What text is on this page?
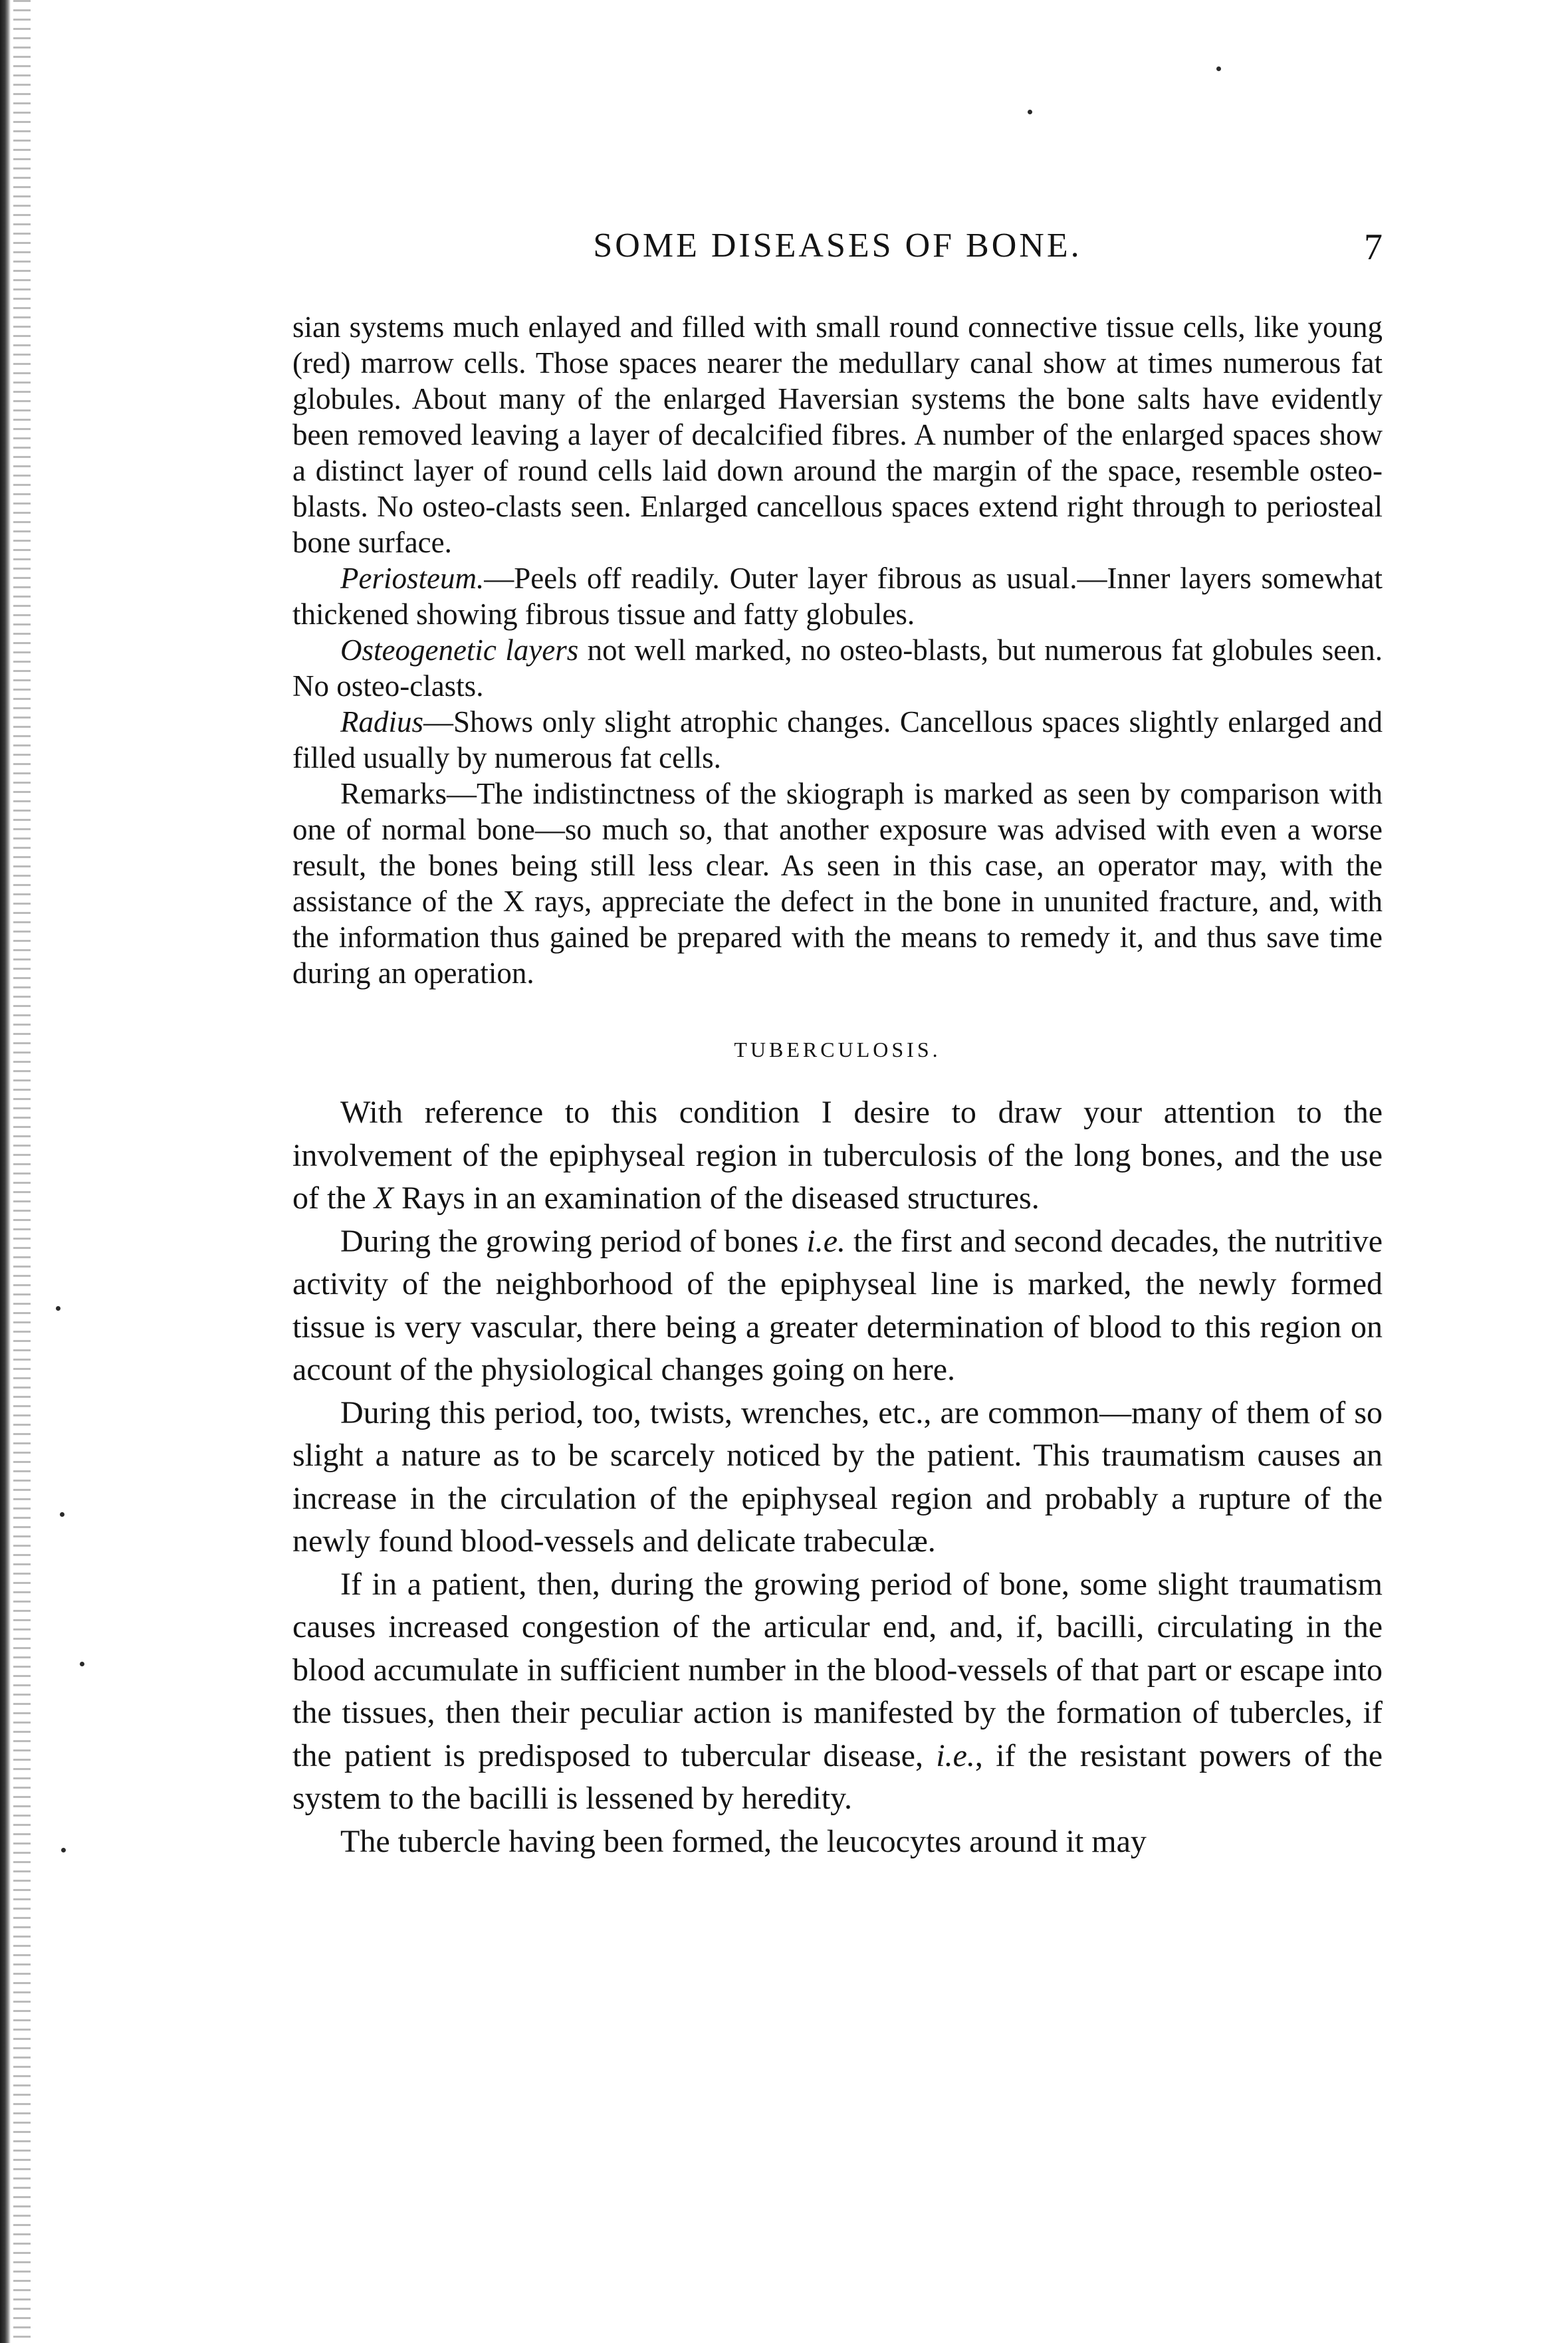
SOME DISEASES OF BONE.	7

sian systems much enlayed and filled with small round connective tissue cells, like young (red) marrow cells. Those spaces nearer the medullary canal show at times numerous fat globules. About many of the enlarged Haversian systems the bone salts have evidently been removed leaving a layer of decalcified fibres. A number of the enlarged spaces show a distinct layer of round cells laid down around the margin of the space, resemble osteo-blasts. No osteo-clasts seen. Enlarged cancellous spaces extend right through to periosteal bone surface.

Periosteum.—Peels off readily. Outer layer fibrous as usual.—Inner layers somewhat thickened showing fibrous tissue and fatty globules.

Osteogenetic layers not well marked, no osteo-blasts, but numerous fat globules seen. No osteo-clasts.

Radius—Shows only slight atrophic changes. Cancellous spaces slightly enlarged and filled usually by numerous fat cells.

Remarks—The indistinctness of the skiograph is marked as seen by comparison with one of normal bone—so much so, that another exposure was advised with even a worse result, the bones being still less clear. As seen in this case, an operator may, with the assistance of the X rays, appreciate the defect in the bone in ununited fracture, and, with the information thus gained be prepared with the means to remedy it, and thus save time during an operation.

TUBERCULOSIS.

With reference to this condition I desire to draw your attention to the involvement of the epiphyseal region in tuberculosis of the long bones, and the use of the X Rays in an examination of the diseased structures.

During the growing period of bones i.e. the first and second decades, the nutritive activity of the neighborhood of the epiphyseal line is marked, the newly formed tissue is very vascular, there being a greater determination of blood to this region on account of the physiological changes going on here.

During this period, too, twists, wrenches, etc., are common—many of them of so slight a nature as to be scarcely noticed by the patient. This traumatism causes an increase in the circulation of the epiphyseal region and probably a rupture of the newly found blood-vessels and delicate trabeculæ.

If in a patient, then, during the growing period of bone, some slight traumatism causes increased congestion of the articular end, and, if, bacilli, circulating in the blood accumulate in sufficient number in the blood-vessels of that part or escape into the tissues, then their peculiar action is manifested by the formation of tubercles, if the patient is predisposed to tubercular disease, i.e., if the resistant powers of the system to the bacilli is lessened by heredity.

The tubercle having been formed, the leucocytes around it may
